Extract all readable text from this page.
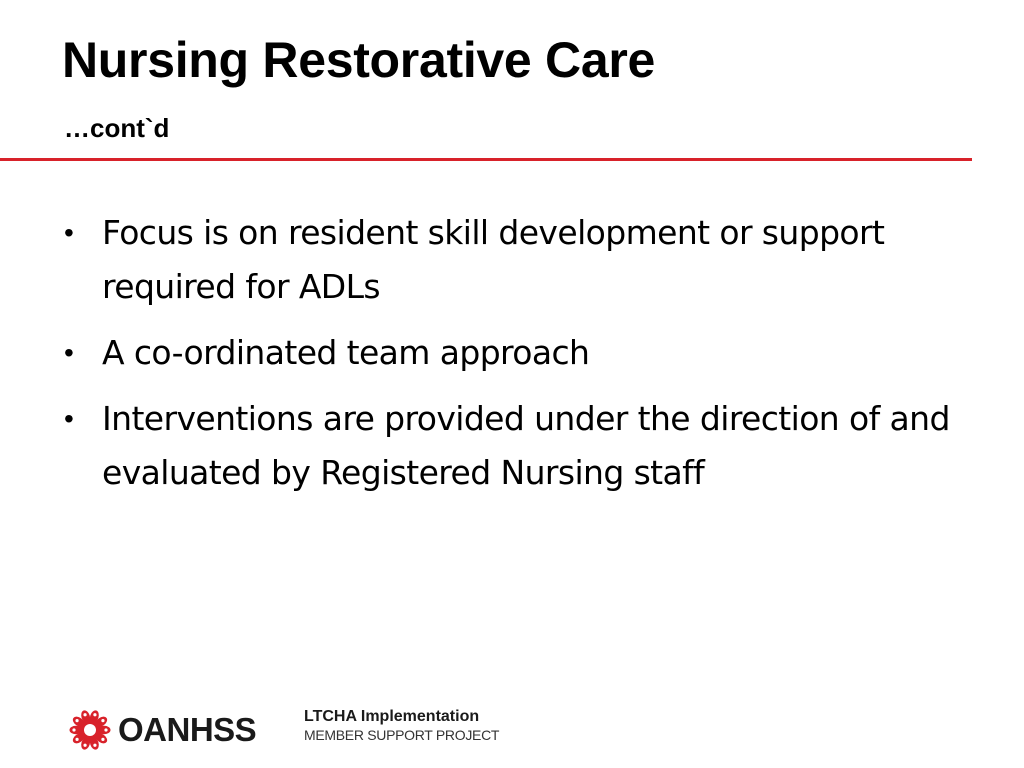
Nursing Restorative Care
…cont`d
• Focus is on resident skill development or support required for ADLs
• A co-ordinated team approach
• Interventions are provided under the direction of and evaluated by Registered Nursing staff
OANHSS	LTCHA Implementation
MEMBER SUPPORT PROJECT
